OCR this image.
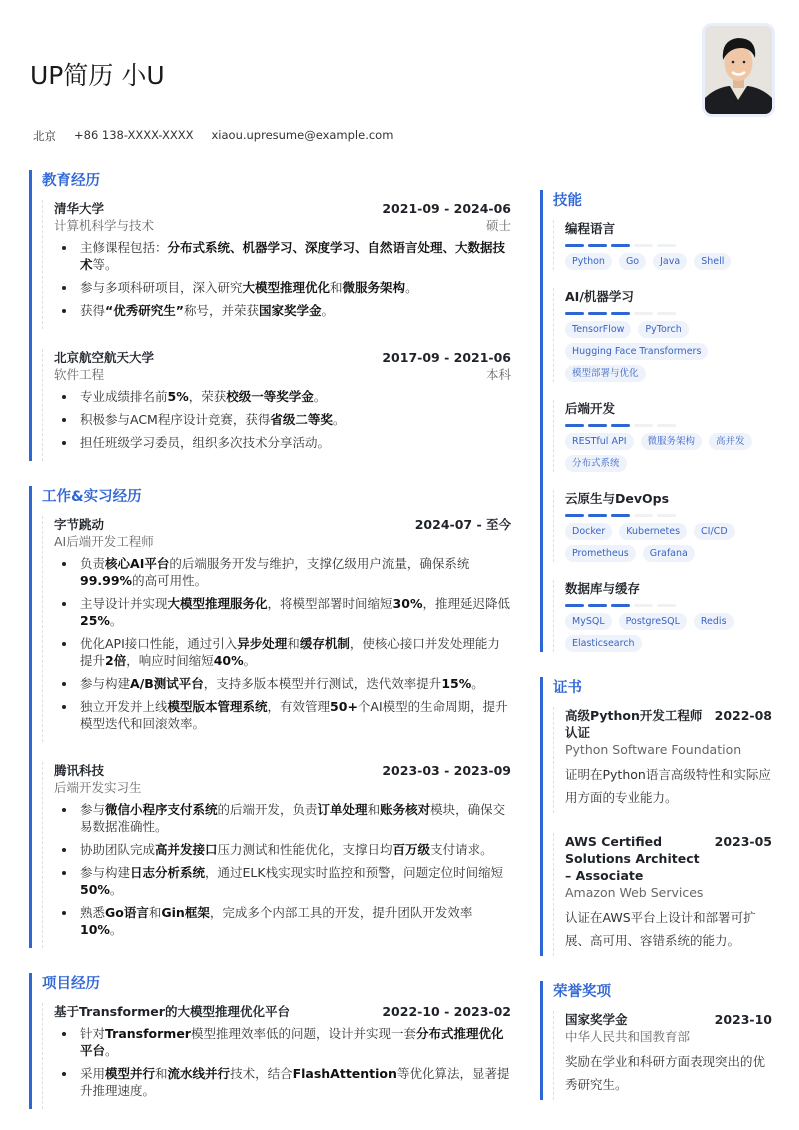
UP简历 小U
北京 +86 138-XXXX-XXXX xiaou.upresume@example.com
教育经历
清华大学	2021-09 - 2024-06
计算机科学与技术	硕士
主修课程包括：分布式系统、机器学习、深度学习、自然语言处理、大数据技术等。
参与多项科研项目，深入研究大模型推理优化和微服务架构。
获得“优秀研究生”称号，并荣获国家奖学金。
北京航空航天大学	2017-09 - 2021-06
软件工程	本科
专业成绩排名前5%，荣获校级一等奖学金。
积极参与ACM程序设计竞赛，获得省级二等奖。
担任班级学习委员，组织多次技术分享活动。
工作&实习经历
字节跳动	2024-07 - 至今
AI后端开发工程师
负责核心AI平台的后端服务开发与维护，支撑亿级用户流量，确保系统99.99%的高可用性。
主导设计并实现大模型推理服务化，将模型部署时间缩短30%，推理延迟降低25%。
优化API接口性能，通过引入异步处理和缓存机制，使核心接口并发处理能力提升2倍，响应时间缩短40%。
参与构建A/B测试平台，支持多版本模型并行测试，迭代效率提升15%。
独立开发并上线模型版本管理系统，有效管理50+个AI模型的生命周期，提升模型迭代和回滚效率。
腾讯科技	2023-03 - 2023-09
后端开发实习生
参与微信小程序支付系统的后端开发，负责订单处理和账务核对模块，确保交易数据准确性。
协助团队完成高并发接口压力测试和性能优化，支撑日均百万级支付请求。
参与构建日志分析系统，通过ELK栈实现实时监控和预警，问题定位时间缩短50%。
熟悉Go语言和Gin框架，完成多个内部工具的开发，提升团队开发效率10%。
项目经历
基于Transformer的大模型推理优化平台	2022-10 - 2023-02
针对Transformer模型推理效率低的问题，设计并实现一套分布式推理优化平台。
采用模型并行和流水线并行技术，结合FlashAttention等优化算法，显著提升推理速度。
技能
编程语言
Python	Go	Java	Shell
AI/机器学习
TensorFlow	PyTorch
Hugging Face Transformers
模型部署与优化
后端开发
RESTful API	微服务架构	高并发
分布式系统
云原生与DevOps
Docker	Kubernetes	CI/CD
Prometheus	Grafana
数据库与缓存
MySQL	PostgreSQL	Redis
Elasticsearch
证书
高级Python开发工程师认证
2022-08
Python Software Foundation
证明在Python语言高级特性和实际应用方面的专业能力。
AWS Certified Solutions Architect – Associate
2023-05
Amazon Web Services
认证在AWS平台上设计和部署可扩展、高可用、容错系统的能力。
荣誉奖项
国家奖学金	2023-10
中华人民共和国教育部
奖励在学业和科研方面表现突出的优秀研究生。
